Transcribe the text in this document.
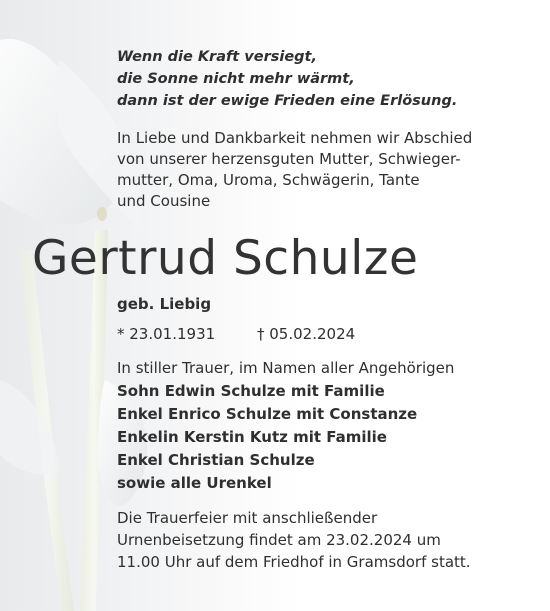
Wenn die Kraft versiegt,
die Sonne nicht mehr wärmt,
dann ist der ewige Frieden eine Erlösung.
In Liebe und Dankbarkeit nehmen wir Abschied
von unserer herzensguten Mutter, Schwieger-
mutter, Oma, Uroma, Schwägerin, Tante
und Cousine
Gertrud Schulze
geb. Liebig
* 23.01.1931	† 05.02.2024
In stiller Trauer, im Namen aller Angehörigen
Sohn Edwin Schulze mit Familie
Enkel Enrico Schulze mit Constanze
Enkelin Kerstin Kutz mit Familie
Enkel Christian Schulze
sowie alle Urenkel
Die Trauerfeier mit anschließender
Urnenbeisetzung findet am 23.02.2024 um
11.00 Uhr auf dem Friedhof in Gramsdorf statt.
